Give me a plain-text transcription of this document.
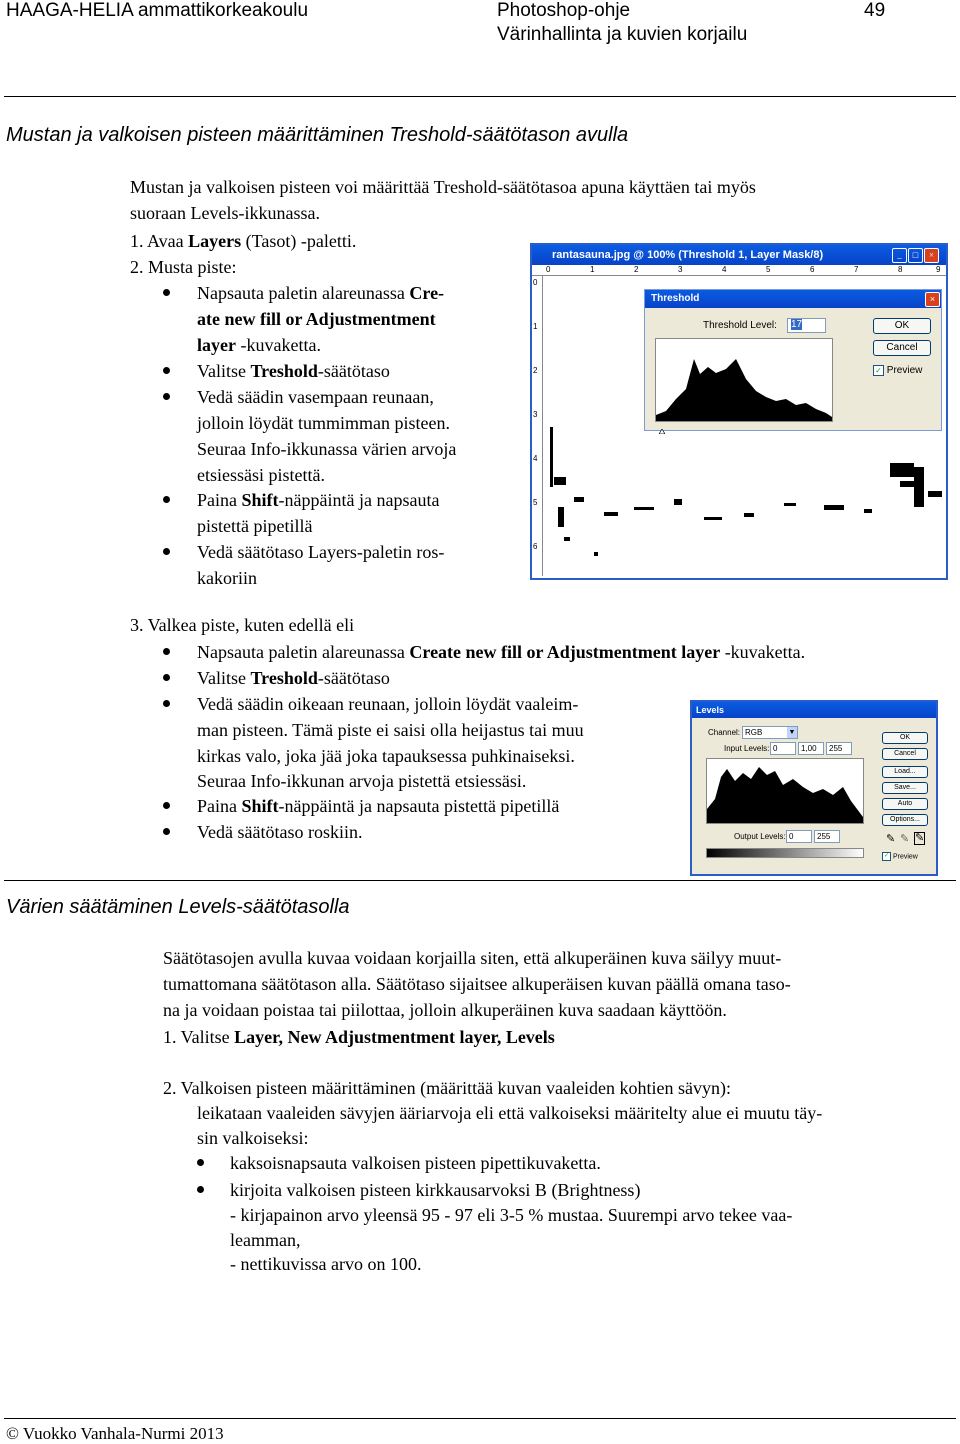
HAAGA-HELIA ammattikorkeakoulu	Photoshop-ohje
Värinhallinta ja kuvien korjailu
49
Mustan ja valkoisen pisteen määrittäminen Treshold-säätötason avulla
Mustan ja valkoisen pisteen voi määrittää Treshold-säätötasoa apuna käyttäen tai myös
suoraan Levels-ikkunassa.
1. Avaa Layers (Tasot) -paletti.
2. Musta piste:
Napsauta paletin alareunassa Cre-
ate new fill or Adjustmentment
layer -kuvaketta.
Valitse Treshold-säätötaso
Vedä säädin vasempaan reunaan,
jolloin löydät tummimman pisteen.
Seuraa Info-ikkunassa värien arvoja
etsiessäsi pistettä.
Paina Shift-näppäintä ja napsauta
pistettä pipetillä
Vedä säätötaso Layers-paletin ros-
kakoriin
rantasauna.jpg @ 100% (Threshold 1, Layer Mask/8)	_	□	×
0	1	2	3	4	5	6	7	8	9
0
1
2
3
4
5
6
Threshold	×
Threshold Level:	17	OK
Cancel
✓ Preview
3. Valkea piste, kuten edellä eli
Napsauta paletin alareunassa Create new fill or Adjustmentment layer -kuvaketta.
Valitse Treshold-säätötaso
Vedä säädin oikeaan reunaan, jolloin löydät vaaleim-
man pisteen. Tämä piste ei saisi olla heijastus tai muu
kirkas valo, joka jää joka tapauksessa puhkinaiseksi.
Seuraa Info-ikkunan arvoja pistettä etsiessäsi.
Paina Shift-näppäintä ja napsauta pistettä pipetillä
Vedä säätötaso roskiin.
Levels
Channel: RGB	▼
Input Levels: 0	1,00	255
Output Levels: 0	255
OK
Cancel
Load...
Save...
Auto
Options...
✎ ✎ ✎
✓ Preview
Värien säätäminen Levels-säätötasolla
Säätötasojen avulla kuvaa voidaan korjailla siten, että alkuperäinen kuva säilyy muut-
tumattomana säätötason alla. Säätötaso sijaitsee alkuperäisen kuvan päällä omana taso-
na ja voidaan poistaa tai piilottaa, jolloin alkuperäinen kuva saadaan käyttöön.
1. Valitse Layer, New Adjustmentment layer, Levels
2. Valkoisen pisteen määrittäminen (määrittää kuvan vaaleiden kohtien sävyn):
leikataan vaaleiden sävyjen ääriarvoja eli että valkoiseksi määritelty alue ei muutu täy-
sin valkoiseksi:
kaksoisnapsauta valkoisen pisteen pipettikuvaketta.
kirjoita valkoisen pisteen kirkkausarvoksi B (Brightness)
- kirjapainon arvo yleensä 95 - 97 eli 3-5 % mustaa. Suurempi arvo tekee vaa-
leamman,
- nettikuvissa arvo on 100.
© Vuokko Vanhala-Nurmi 2013
